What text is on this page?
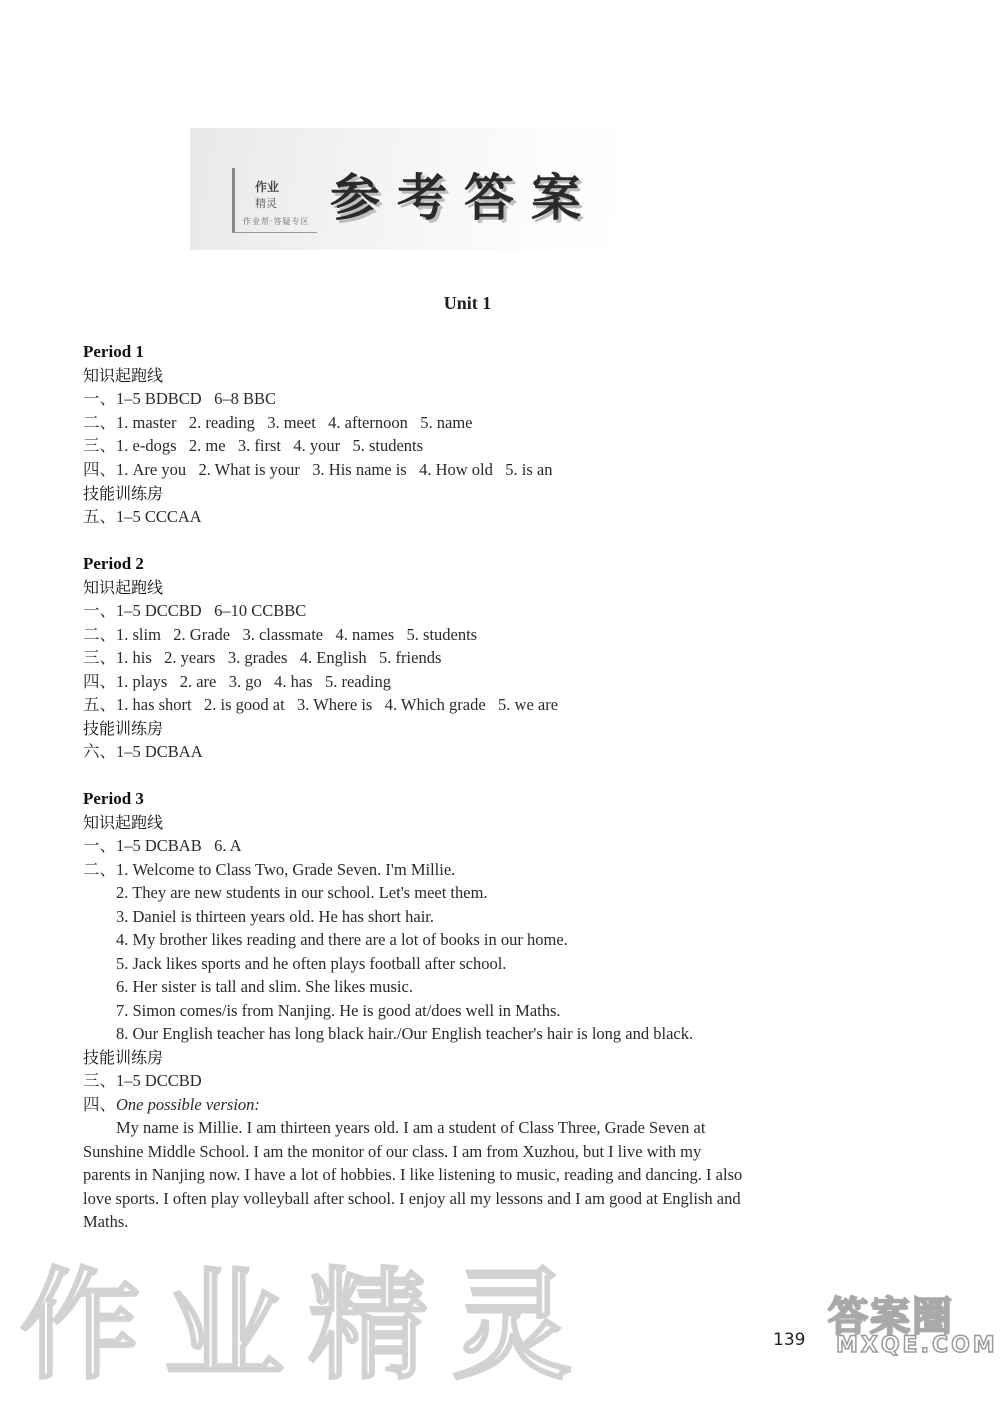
作业
精灵
作业帮·答疑专区 参考答案
Unit 1
Period 1
知识起跑线
一、1–5 BDBCD   6–8 BBC
二、1. master   2. reading   3. meet   4. afternoon   5. name
三、1. e-dogs   2. me   3. first   4. your   5. students
四、1. Are you   2. What is your   3. His name is   4. How old   5. is an
技能训练房
五、1–5 CCCAA
Period 2
知识起跑线
一、1–5 DCCBD   6–10 CCBBC
二、1. slim   2. Grade   3. classmate   4. names   5. students
三、1. his   2. years   3. grades   4. English   5. friends
四、1. plays   2. are   3. go   4. has   5. reading
五、1. has short   2. is good at   3. Where is   4. Which grade   5. we are
技能训练房
六、1–5 DCBAA
Period 3
知识起跑线
一、1–5 DCBAB   6. A
二、1. Welcome to Class Two, Grade Seven. I'm Millie.
2. They are new students in our school. Let's meet them.
3. Daniel is thirteen years old. He has short hair.
4. My brother likes reading and there are a lot of books in our home.
5. Jack likes sports and he often plays football after school.
6. Her sister is tall and slim. She likes music.
7. Simon comes/is from Nanjing. He is good at/does well in Maths.
8. Our English teacher has long black hair./Our English teacher's hair is long and black.
技能训练房
三、1–5 DCCBD
四、One possible version:
My name is Millie. I am thirteen years old. I am a student of Class Three, Grade Seven at
Sunshine Middle School. I am the monitor of our class. I am from Xuzhou, but I live with my
parents in Nanjing now. I have a lot of hobbies. I like listening to music, reading and dancing. I also
love sports. I often play volleyball after school. I enjoy all my lessons and I am good at English and
Maths.
作业精灵	139 答案圈
MXQE.COM
